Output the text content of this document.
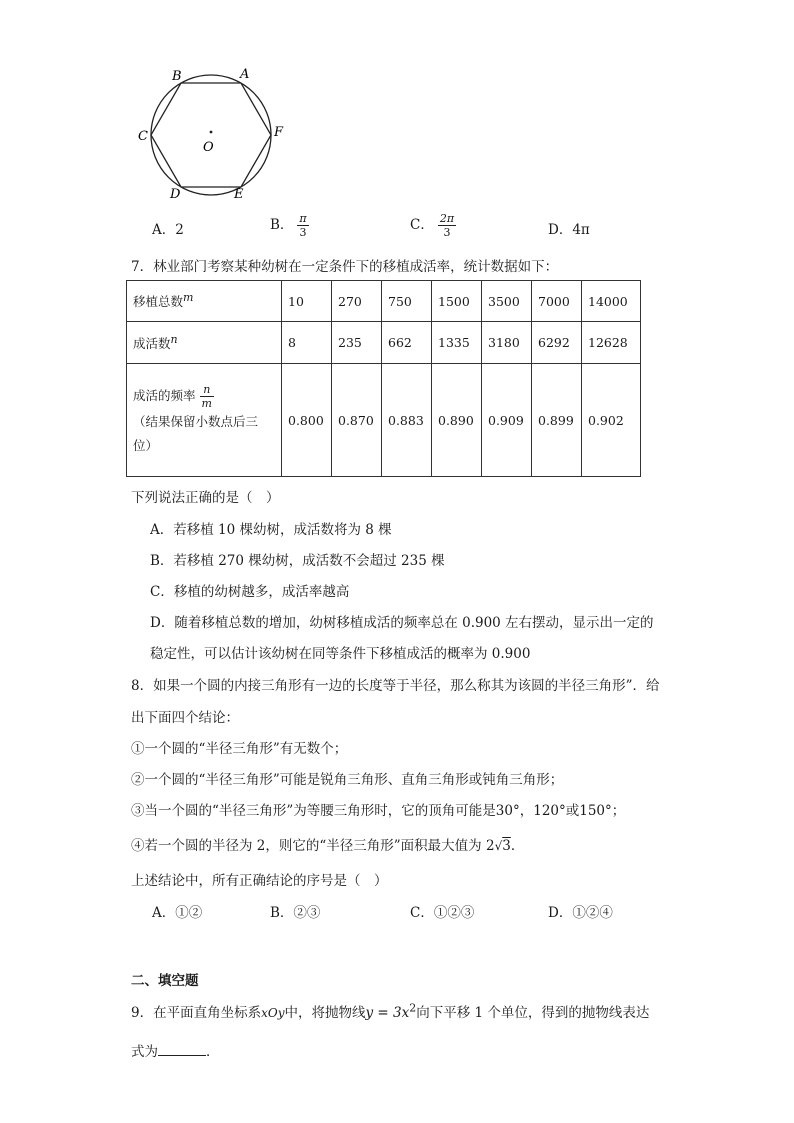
B	A
C	F
O
D	E
A．2	B． $\frac{\pi}{3}$	C． $\frac{2\pi}{3}$	D．4π
7．林业部门考察某种幼树在一定条件下的移植成活率，统计数据如下：
移植总数m	10	270	750	1500	3500	7000	14000
成活数n	8	235	662	1335	3180	6292	12628

成活的频率 $\frac{n}{m}$
（结果保留小数点后三
位）	0.800	0.870	0.883	0.890	0.909	0.899	0.902
下列说法正确的是（　）
A．若移植 10 棵幼树，成活数将为 8 棵
B．若移植 270 棵幼树，成活数不会超过 235 棵
C．移植的幼树越多，成活率越高
D．随着移植总数的增加，幼树移植成活的频率总在 0.900 左右摆动，显示出一定的
稳定性，可以估计该幼树在同等条件下移植成活的概率为 0.900
8．如果一个圆的内接三角形有一边的长度等于半径，那么称其为该圆的半径三角形”．给
出下面四个结论：
①一个圆的“半径三角形”有无数个；
②一个圆的“半径三角形”可能是锐角三角形、直角三角形或钝角三角形；
③当一个圆的“半径三角形”为等腰三角形时，它的顶角可能是30°，120°或150°；
④若一个圆的半径为 2，则它的“半径三角形”面积最大值为 2√3．
上述结论中，所有正确结论的序号是（　）
A．①②	B．②③	C．①②③	D．①②④
二、填空题
9．在平面直角坐标系xOy中，将抛物线$y = 3x^2$向下平移 1 个单位，得到的抛物线表达
式为	．
